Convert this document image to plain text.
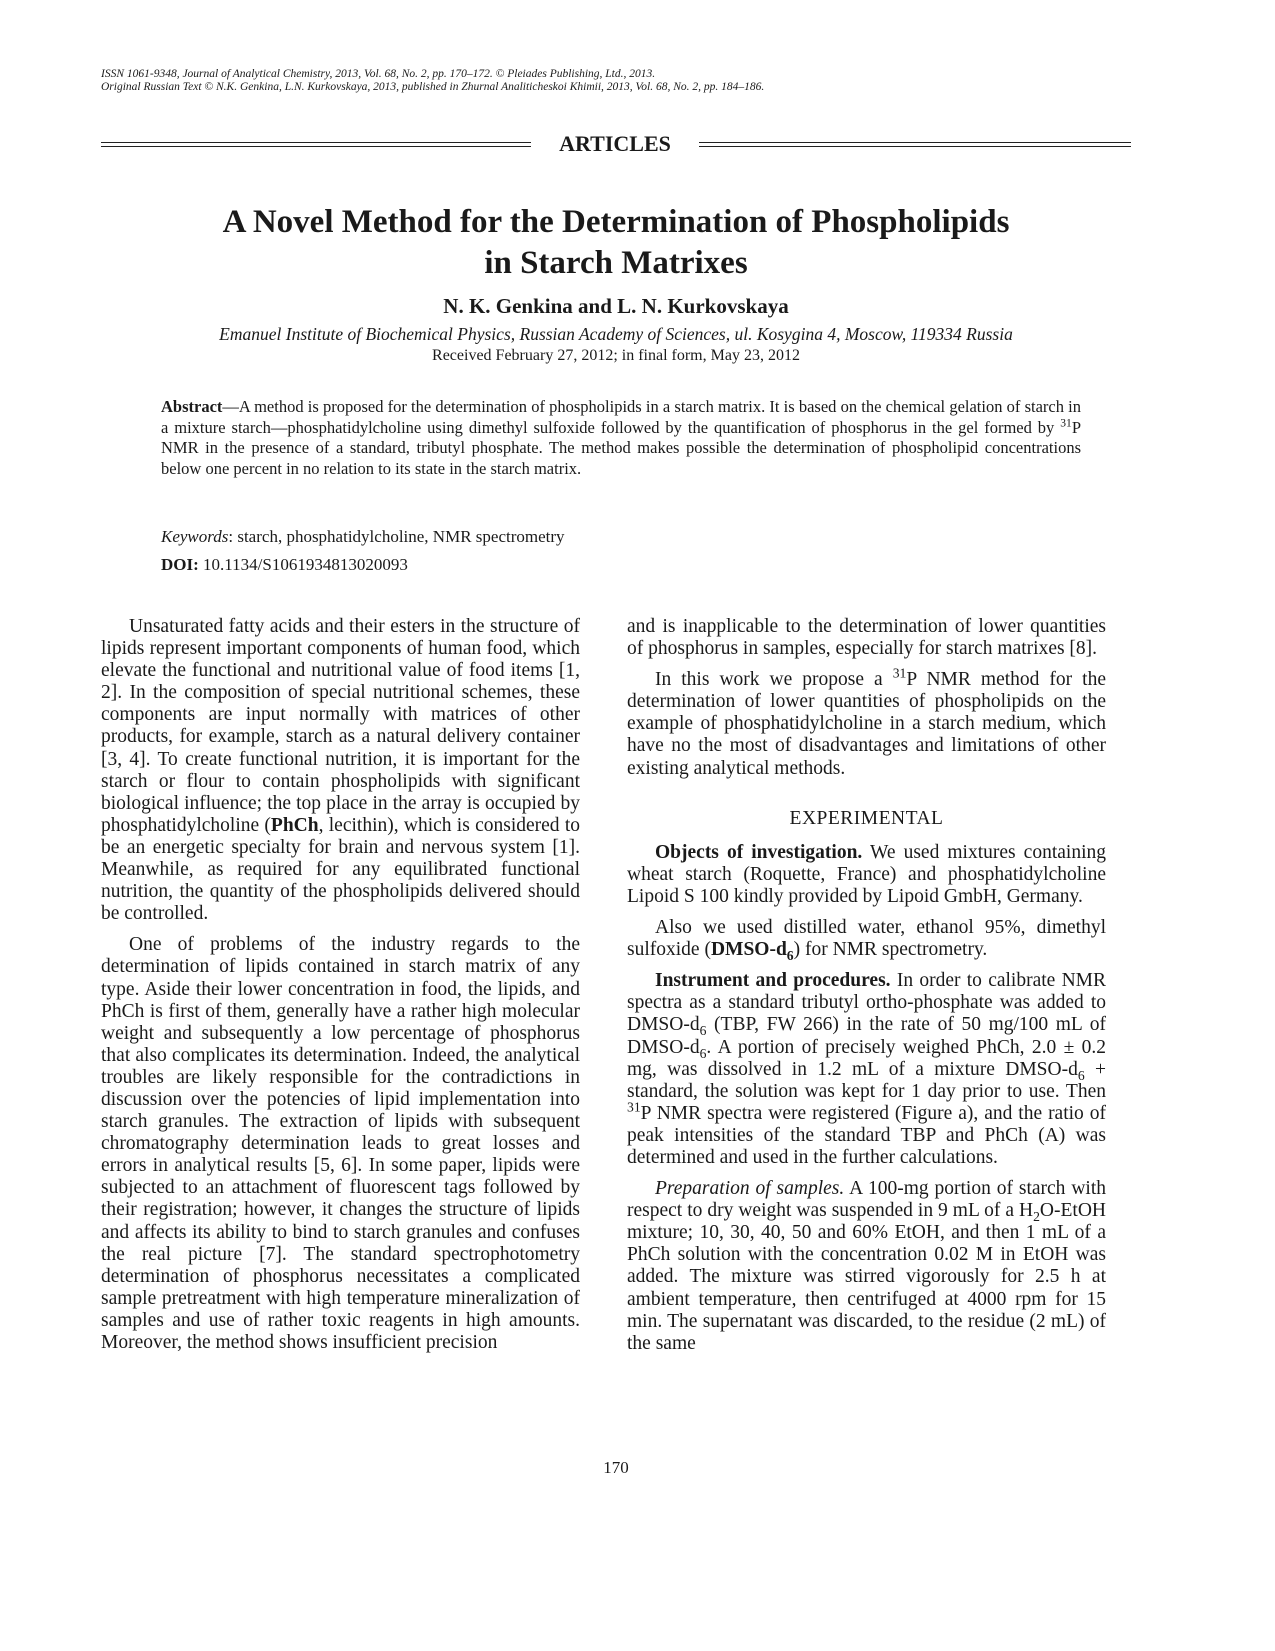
ISSN 1061-9348, Journal of Analytical Chemistry, 2013, Vol. 68, No. 2, pp. 170–172. © Pleiades Publishing, Ltd., 2013.
Original Russian Text © N.K. Genkina, L.N. Kurkovskaya, 2013, published in Zhurnal Analiticheskoi Khimii, 2013, Vol. 68, No. 2, pp. 184–186.
ARTICLES
A Novel Method for the Determination of Phospholipids
in Starch Matrixes
N. K. Genkina and L. N. Kurkovskaya
Emanuel Institute of Biochemical Physics, Russian Academy of Sciences, ul. Kosygina 4, Moscow, 119334 Russia
Received February 27, 2012; in final form, May 23, 2012
Abstract—A method is proposed for the determination of phospholipids in a starch matrix. It is based on the chemical gelation of starch in a mixture starch—phosphatidylcholine using dimethyl sulfoxide followed by the quantification of phosphorus in the gel formed by $^{31}$P NMR in the presence of a standard, tributyl phosphate. The method makes possible the determination of phospholipid concentrations below one percent in no relation to its state in the starch matrix.
Keywords: starch, phosphatidylcholine, NMR spectrometry
DOI: 10.1134/S1061934813020093

Unsaturated fatty acids and their esters in the structure of lipids represent important components of human food, which elevate the functional and nutritional value of food items [1, 2]. In the composition of special nutritional schemes, these components are input normally with matrices of other products, for example, starch as a natural delivery container [3, 4]. To create functional nutrition, it is important for the starch or flour to contain phospholipids with significant biological influence; the top place in the array is occupied by phosphatidylcholine (PhCh, lecithin), which is considered to be an energetic specialty for brain and nervous system [1]. Meanwhile, as required for any equilibrated functional nutrition, the quantity of the phospholipids delivered should be controlled.

One of problems of the industry regards to the determination of lipids contained in starch matrix of any type. Aside their lower concentration in food, the lipids, and PhCh is first of them, generally have a rather high molecular weight and subsequently a low percentage of phosphorus that also complicates its determination. Indeed, the analytical troubles are likely responsible for the contradictions in discussion over the potencies of lipid implementation into starch granules. The extraction of lipids with subsequent chromatography determination leads to great losses and errors in analytical results [5, 6]. In some paper, lipids were subjected to an attachment of fluorescent tags followed by their registration; however, it changes the structure of lipids and affects its ability to bind to starch granules and confuses the real picture [7]. The standard spectrophotometry determination of phosphorus necessitates a complicated sample pretreatment with high temperature mineralization of samples and use of rather toxic reagents in high amounts. Moreover, the method shows insufficient precision

and is inapplicable to the determination of lower quantities of phosphorus in samples, especially for starch matrixes [8].

In this work we propose a $^{31}$P NMR method for the determination of lower quantities of phospholipids on the example of phosphatidylcholine in a starch medium, which have no the most of disadvantages and limitations of other existing analytical methods.

EXPERIMENTAL

Objects of investigation. We used mixtures containing wheat starch (Roquette, France) and phosphatidylcholine Lipoid S 100 kindly provided by Lipoid GmbH, Germany.

Also we used distilled water, ethanol 95%, dimethyl sulfoxide $(DMSO-d_6)$ for NMR spectrometry.

Instrument and procedures. In order to calibrate NMR spectra as a standard tributyl ortho-phosphate was added to DMSO-$d_6$ (TBP, FW 266) in the rate of 50 mg/100 mL of DMSO-$d_6$. A portion of precisely weighed PhCh, 2.0 ± 0.2 mg, was dissolved in 1.2 mL of a mixture DMSO-$d_6$ + standard, the solution was kept for 1 day prior to use. Then $^{31}$P NMR spectra were registered (Figure a), and the ratio of peak intensities of the standard TBP and PhCh (A) was determined and used in the further calculations.

Preparation of samples. A 100-mg portion of starch with respect to dry weight was suspended in 9 mL of a $H_2O$-EtOH mixture; 10, 30, 40, 50 and 60% EtOH, and then 1 mL of a PhCh solution with the concentration 0.02 M in EtOH was added. The mixture was stirred vigorously for 2.5 h at ambient temperature, then centrifuged at 4000 rpm for 15 min. The supernatant was discarded, to the residue (2 mL) of the same

170
